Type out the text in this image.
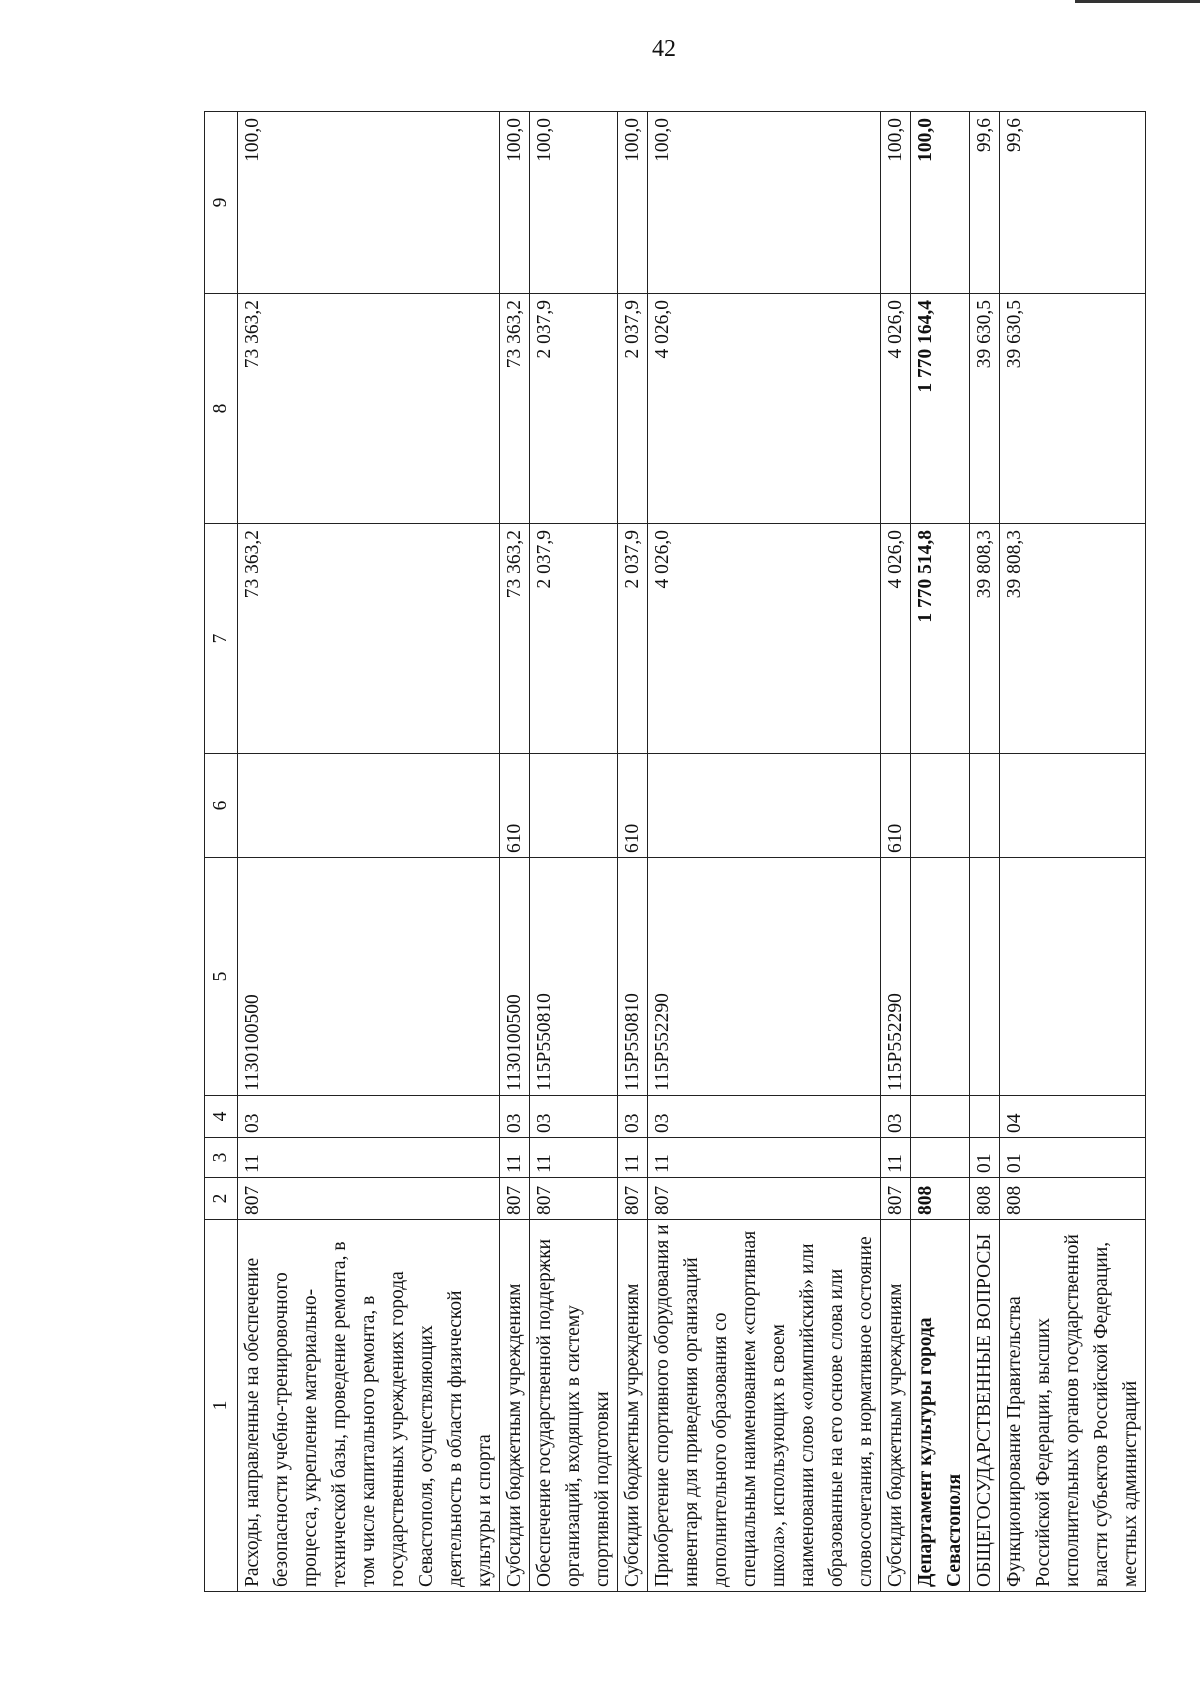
42
1	2	3	4	5	6	7	8	9
Расходы, направленные на обеспечение безопасности учебно-тренировочного процесса, укрепление материально-технической базы, проведение ремонта, в том числе капитального ремонта, в государственных учреждениях города Севастополя, осуществляющих деятельность в области физической культуры и спорта	807	11	03	1130100500		73 363,2	73 363,2	100,0
Субсидии бюджетным учреждениям	807	11	03	1130100500	610	73 363,2	73 363,2	100,0
Обеспечение государственной поддержки организаций, входящих в систему спортивной подготовки	807	11	03	115Р550810		2 037,9	2 037,9	100,0
Субсидии бюджетным учреждениям	807	11	03	115Р550810	610	2 037,9	2 037,9	100,0
Приобретение спортивного оборудования и инвентаря для приведения организаций дополнительного образования со специальным наименованием «спортивная школа», использующих в своем наименовании слово «олимпийский» или образованные на его основе слова или словосочетания, в нормативное состояние	807	11	03	115Р552290		4 026,0	4 026,0	100,0
Субсидии бюджетным учреждениям	807	11	03	115Р552290	610	4 026,0	4 026,0	100,0
Департамент культуры города Севастополя	808					1 770 514,8	1 770 164,4	100,0
ОБЩЕГОСУДАРСТВЕННЫЕ ВОПРОСЫ	808	01				39 808,3	39 630,5	99,6
Функционирование Правительства Российской Федерации, высших исполнительных органов государственной власти субъектов Российской Федерации, местных администраций	808	01	04			39 808,3	39 630,5	99,6
